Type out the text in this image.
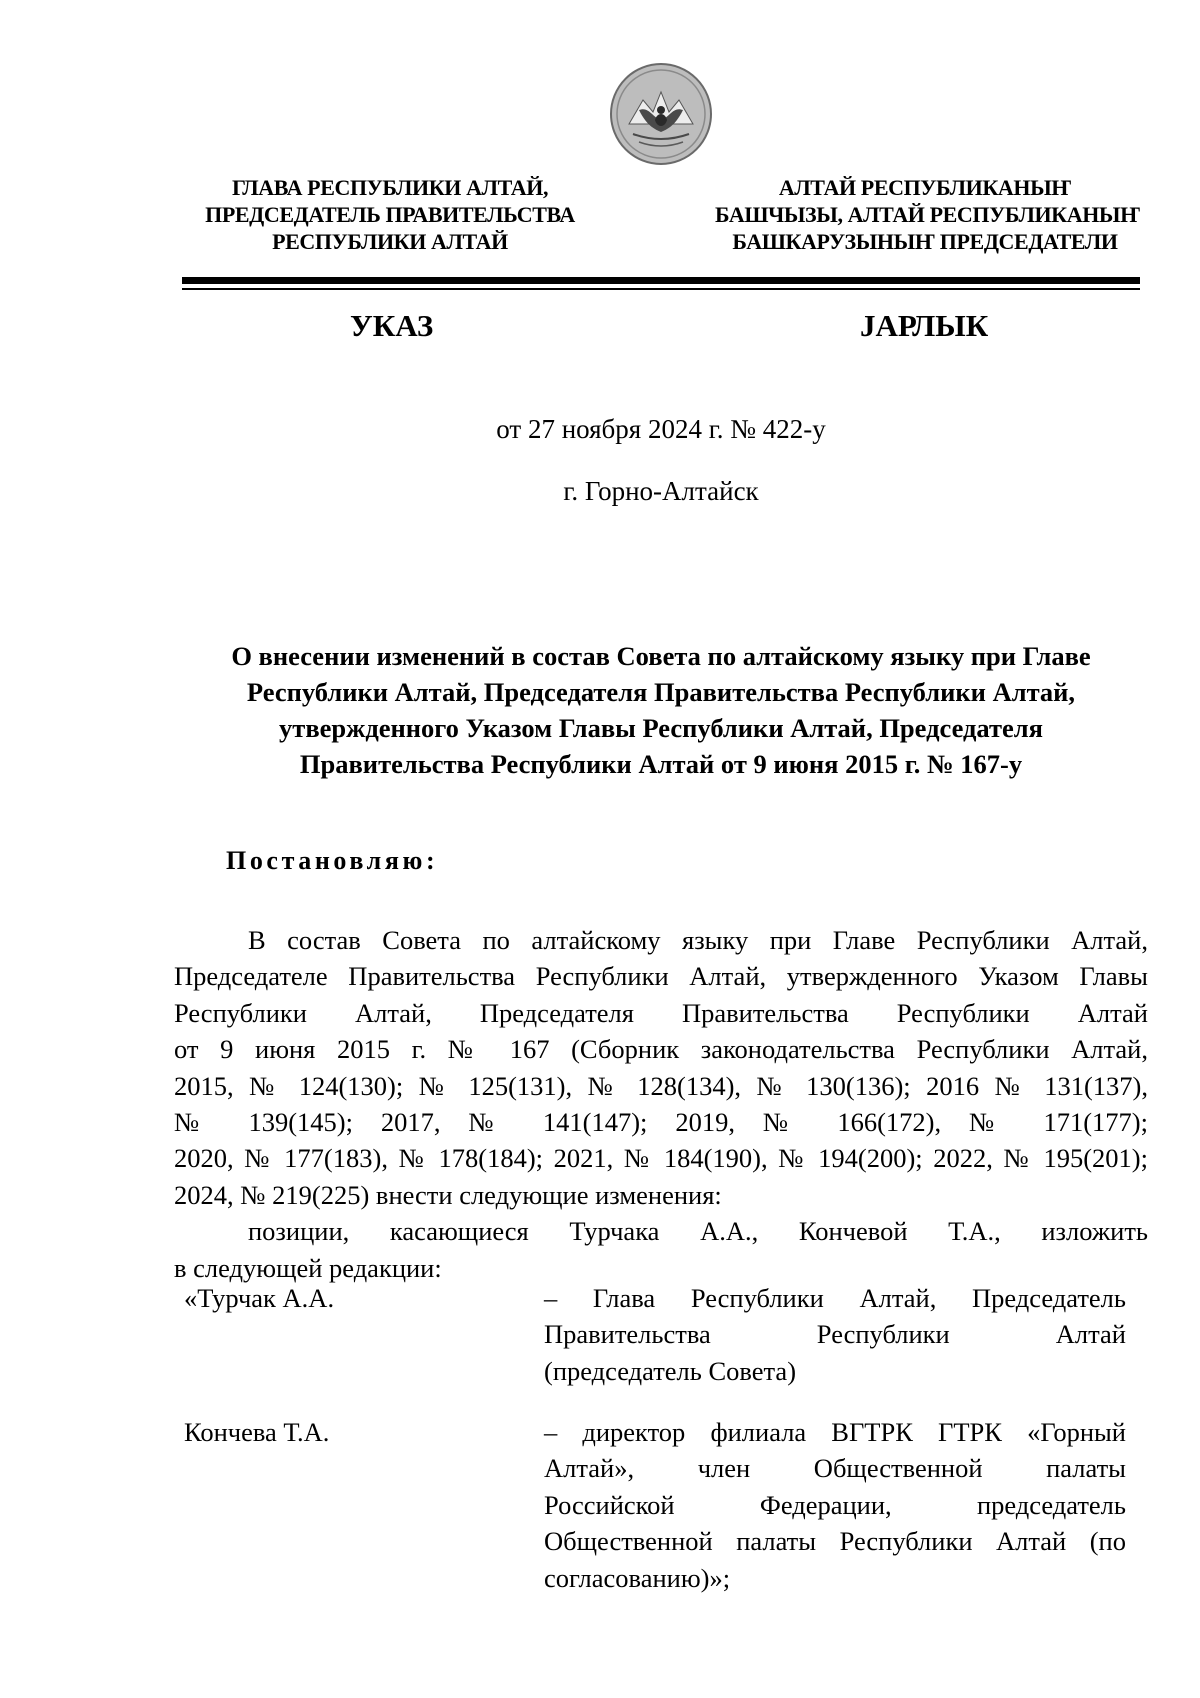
ГЛАВА РЕСПУБЛИКИ АЛТАЙ,
ПРЕДСЕДАТЕЛЬ ПРАВИТЕЛЬСТВА
РЕСПУБЛИКИ АЛТАЙ
АЛТАЙ РЕСПУБЛИКАНЫҤ
БАШЧЫЗЫ, АЛТАЙ РЕСПУБЛИКАНЫҤ
БАШКАРУЗЫНЫҤ ПРЕДСЕДАТЕЛИ
УКАЗ	JАРЛЫК
от 27 ноября 2024 г. № 422-у
г. Горно-Алтайск
О внесении изменений в состав Совета по алтайскому языку при Главе
Республики Алтай, Председателя Правительства Республики Алтай,
утвержденного Указом Главы Республики Алтай, Председателя
Правительства Республики Алтай от 9 июня 2015 г. № 167-у
Постановляю:
В состав Совета по алтайскому языку при Главе Республики Алтай,
Председателе Правительства Республики Алтай, утвержденного Указом Главы
Республики Алтай, Председателя Правительства Республики Алтай
от 9 июня 2015 г. № 167 (Сборник законодательства Республики Алтай,
2015, № 124(130); № 125(131), № 128(134), № 130(136); 2016 № 131(137),
№ 139(145); 2017, № 141(147); 2019, № 166(172), № 171(177);
2020, № 177(183), № 178(184); 2021, № 184(190), № 194(200); 2022, № 195(201);
2024, № 219(225) внести следующие изменения:
позиции, касающиеся Турчака А.А., Кончевой Т.А., изложить
в следующей редакции:
«Турчак А.А.	– Глава Республики Алтай, Председатель
Правительства Республики Алтай
(председатель Совета)
Кончева Т.А.	– директор филиала ВГТРК ГТРК «Горный
Алтай», член Общественной палаты
Российской Федерации, председатель
Общественной палаты Республики Алтай (по
согласованию)»;
